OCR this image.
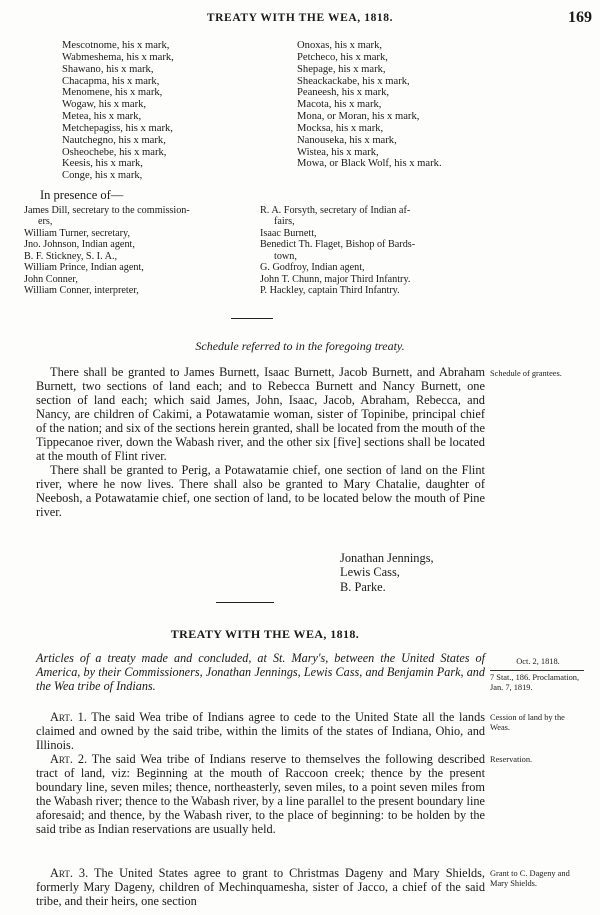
TREATY WITH THE WEA, 1818.	169
Mescotnome, his x mark,
Wabmeshema, his x mark,
Shawano, his x mark,
Chacapma, his x mark,
Menomene, his x mark,
Wogaw, his x mark,
Metea, his x mark,
Metchepagiss, his x mark,
Nautchegno, his x mark,
Osheochebe, his x mark,
Keesis, his x mark,
Conge, his x mark,
Onoxas, his x mark,
Petcheco, his x mark,
Shepage, his x mark,
Sheackackabe, his x mark,
Peaneesh, his x mark,
Macota, his x mark,
Mona, or Moran, his x mark,
Mocksa, his x mark,
Nanouseka, his x mark,
Wistea, his x mark,
Mowa, or Black Wolf, his x mark.
In presence of—
James Dill, secretary to the commission-
ers,
William Turner, secretary,
Jno. Johnson, Indian agent,
B. F. Stickney, S. I. A.,
William Prince, Indian agent,
John Conner,
William Conner, interpreter,
R. A. Forsyth, secretary of Indian af-
fairs,
Isaac Burnett,
Benedict Th. Flaget, Bishop of Bards-
town,
G. Godfroy, Indian agent,
John T. Chunn, major Third Infantry.
P. Hackley, captain Third Infantry.
Schedule referred to in the foregoing treaty.
Schedule of grantees.

There shall be granted to James Burnett, Isaac Burnett, Jacob Burnett, and Abraham Burnett, two sections of land each; and to Rebecca Burnett and Nancy Burnett, one section of land each; which said James, John, Isaac, Jacob, Abraham, Rebecca, and Nancy, are children of Cakimi, a Potawatamie woman, sister of Topinibe, principal chief of the nation; and six of the sections herein granted, shall be located from the mouth of the Tippecanoe river, down the Wabash river, and the other six [five] sections shall be located at the mouth of Flint river.

There shall be granted to Perig, a Potawatamie chief, one section of land on the Flint river, where he now lives. There shall also be granted to Mary Chatalie, daughter of Neebosh, a Potawatamie chief, one section of land, to be located below the mouth of Pine river.

Jonathan Jennings,
Lewis Cass,
B. Parke.
TREATY WITH THE WEA, 1818.
Articles of a treaty made and concluded, at St. Mary's, between the United States of America, by their Commissioners, Jonathan Jennings, Lewis Cass, and Benjamin Park, and the Wea tribe of Indians.
Oct. 2, 1818.
7 Stat., 186. Proclamation, Jan. 7, 1819.
Art. 1. The said Wea tribe of Indians agree to cede to the United State all the lands claimed and owned by the said tribe, within the limits of the states of Indiana, Ohio, and Illinois.
Cession of land by the Weas.
Art. 2. The said Wea tribe of Indians reserve to themselves the following described tract of land, viz: Beginning at the mouth of Raccoon creek; thence by the present boundary line, seven miles; thence, northeasterly, seven miles, to a point seven miles from the Wabash river; thence to the Wabash river, by a line parallel to the present boundary line aforesaid; and thence, by the Wabash river, to the place of beginning: to be holden by the said tribe as Indian reservations are usually held.
Reservation.
Art. 3. The United States agree to grant to Christmas Dageny and Mary Shields, formerly Mary Dageny, children of Mechinquamesha, sister of Jacco, a chief of the said tribe, and their heirs, one section
Grant to C. Dageny and Mary Shields.
